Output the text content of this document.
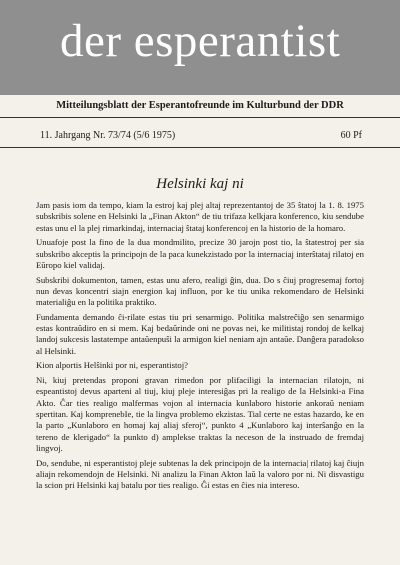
der esperantist
Mitteilungsblatt der Esperantofreunde im Kulturbund der DDR
11. Jahrgang Nr. 73/74 (5/6 1975)	60 Pf
Helsinki kaj ni

Jam pasis iom da tempo, kiam la estroj kaj plej altaj reprezentantoj de 35 ŝtatoj la 1. 8. 1975 subskribis solene en Helsinki la „Finan Akton“ de tiu trifaza kelkjara konferenco, kiu sendube estas unu el la plej rimarkindaj, internaciaj ŝtataj konferencoj en la historio de la homaro.

Unuafoje post la fino de la dua mondmilito, precize 30 jarojn post tio, la ŝtatestroj per sia subskribo akceptis la principojn de la paca kunekzistado por la internaciaj interŝtataj rilatoj en Eŭropo kiel validaj.

Subskribi dokumenton, tamen, estas unu afero, realigi ĝin, dua. Do s ĉiuj progresemaj fortoj nun devas koncentri siajn energion kaj influon, por ke tiu unika rekomendaro de Helsinki materialiĝu en la politika praktiko.

Fundamenta demando ĉi-rilate estas tiu pri senarmigo. Politika malstreĉiĝo sen senarmigo estas kontraŭdiro en si mem. Kaj bedaŭrinde oni ne povas nei, ke militistaj rondoj de kelkaj landoj sukcesis lastatempe antaŭenpuŝi la armigon kiel neniam ajn antaŭe. Danĝera paradokso al Helsinki.

Kion alportis Helŝinki por ni, esperantistoj?

Ni, kiuj pretendas proponi gravan rimedon por plifaciligi la internacian rilatojn, ni espeantistoj devus aparteni al tiuj, kiuj pleje interesiĝas pri la realigo de la Helsinki-a Fina Akto. Ĉar ties realigo malfermas vojon al internacia kunlaboro historie ankoraŭ neniam spertitan. Kaj komprenebIe, tie la lingva problemo ekzistas. Tial certe ne estas hazardo, ke en la parto „Kunlaboro en homaj kaj aliaj sferoj“, punkto 4 „Kunlaboro kaj interŝanĝo en la tereno de klerigado“ la punkto d) amplekse traktas la neceson de la instruado de fremdaj lingvoj.

Do, sendube, ni esperantistoj pleje subtenas la dek principojn de la internacia| rilatoj kaj ĉiujn aliajn rekomendojn de Helsinki. Ni analizu la Finan Akton laŭ la valoro por ni. Ni disvastigu la scion pri Helsinki kaj batalu por ties realigo. Ĝi estas en ĉies nia intereso.
